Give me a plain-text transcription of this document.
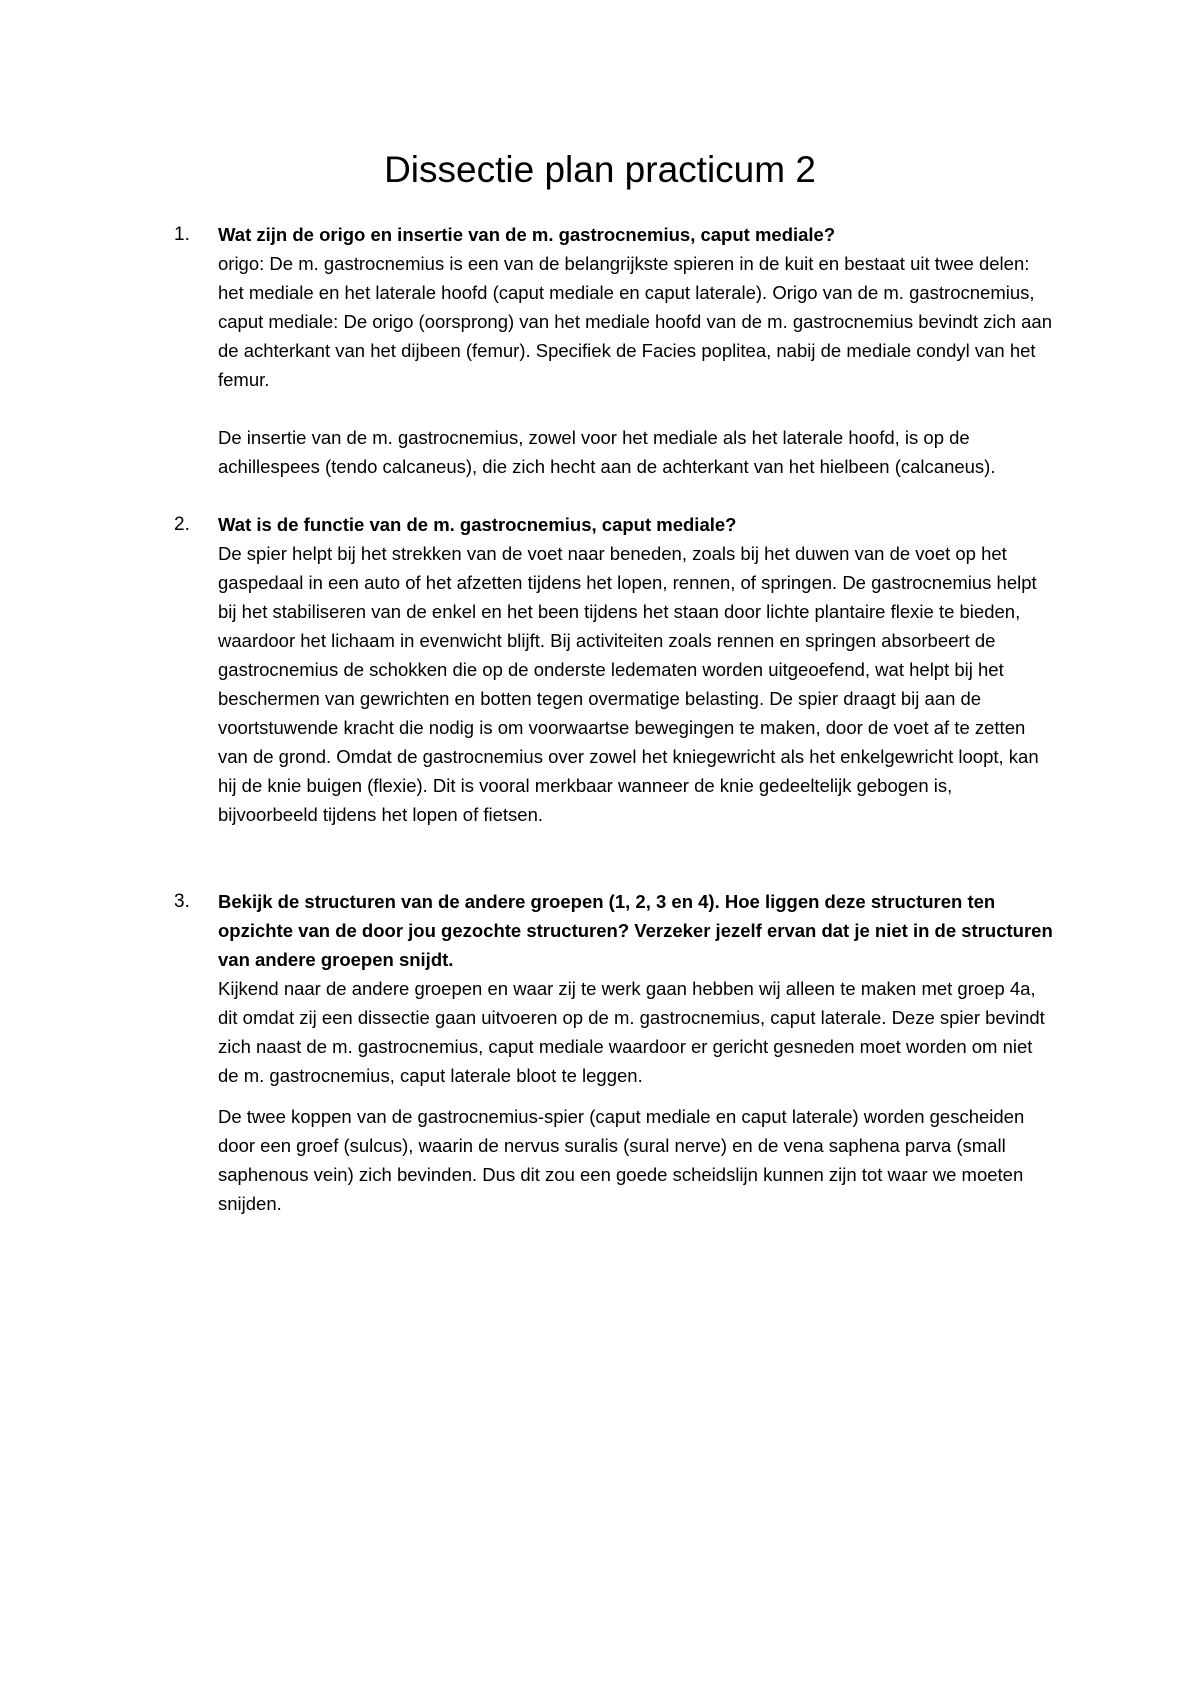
Dissectie plan practicum 2
1. Wat zijn de origo en insertie van de m. gastrocnemius, caput mediale?

origo: De m. gastrocnemius is een van de belangrijkste spieren in de kuit en bestaat uit twee delen: het mediale en het laterale hoofd (caput mediale en caput laterale). Origo van de m. gastrocnemius, caput mediale: De origo (oorsprong) van het mediale hoofd van de m. gastrocnemius bevindt zich aan de achterkant van het dijbeen (femur). Specifiek de Facies poplitea, nabij de mediale condyl van het femur.

De insertie van de m. gastrocnemius, zowel voor het mediale als het laterale hoofd, is op de achillespees (tendo calcaneus), die zich hecht aan de achterkant van het hielbeen (calcaneus).

2. Wat is de functie van de m. gastrocnemius, caput mediale?

De spier helpt bij het strekken van de voet naar beneden, zoals bij het duwen van de voet op het gaspedaal in een auto of het afzetten tijdens het lopen, rennen, of springen. De gastrocnemius helpt bij het stabiliseren van de enkel en het been tijdens het staan door lichte plantaire flexie te bieden, waardoor het lichaam in evenwicht blijft. Bij activiteiten zoals rennen en springen absorbeert de gastrocnemius de schokken die op de onderste ledematen worden uitgeoefend, wat helpt bij het beschermen van gewrichten en botten tegen overmatige belasting. De spier draagt bij aan de voortstuwende kracht die nodig is om voorwaartse bewegingen te maken, door de voet af te zetten van de grond. Omdat de gastrocnemius over zowel het kniegewricht als het enkelgewricht loopt, kan hij de knie buigen (flexie). Dit is vooral merkbaar wanneer de knie gedeeltelijk gebogen is, bijvoorbeeld tijdens het lopen of fietsen.

3. Bekijk de structuren van de andere groepen (1, 2, 3 en 4). Hoe liggen deze structuren ten opzichte van de door jou gezochte structuren? Verzeker jezelf ervan dat je niet in de structuren van andere groepen snijdt.

Kijkend naar de andere groepen en waar zij te werk gaan hebben wij alleen te maken met groep 4a, dit omdat zij een dissectie gaan uitvoeren op de m. gastrocnemius, caput laterale. Deze spier bevindt zich naast de m. gastrocnemius, caput mediale waardoor er gericht gesneden moet worden om niet de m. gastrocnemius, caput laterale bloot te leggen.

De twee koppen van de gastrocnemius-spier (caput mediale en caput laterale) worden gescheiden door een groef (sulcus), waarin de nervus suralis (sural nerve) en de vena saphena parva (small saphenous vein) zich bevinden. Dus dit zou een goede scheidslijn kunnen zijn tot waar we moeten snijden.
